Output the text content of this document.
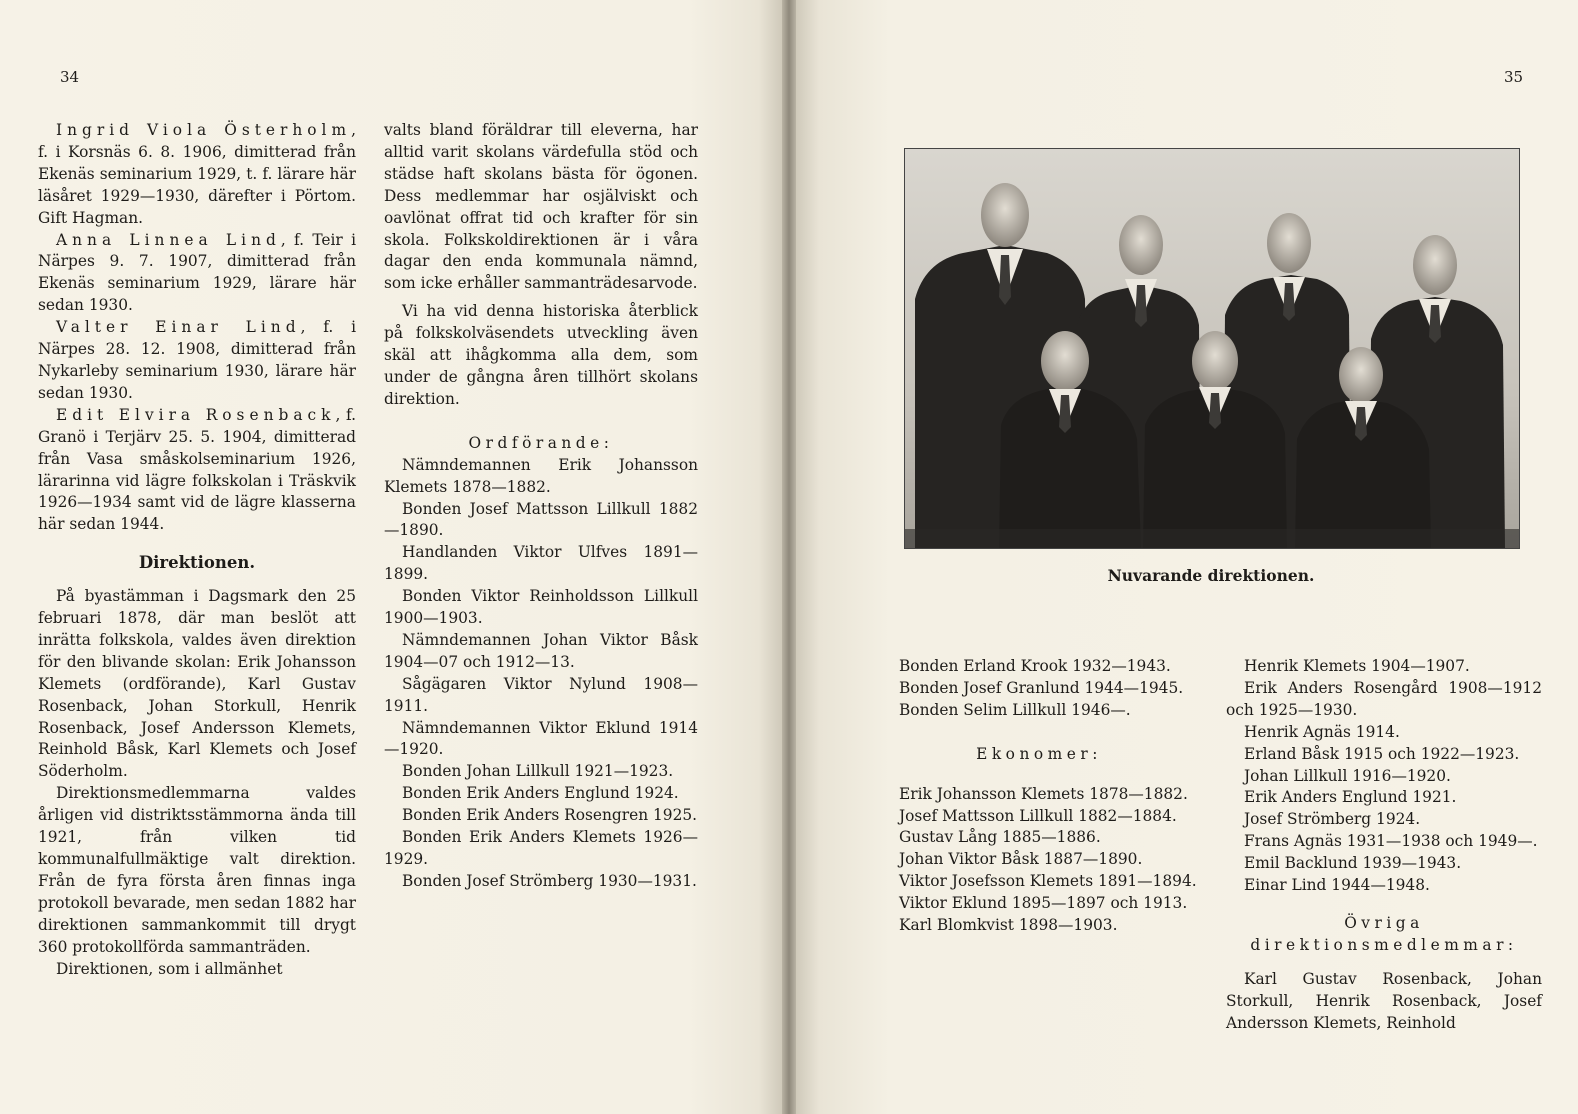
34

Ingrid Viola Österholm, f. i Korsnäs 6. 8. 1906, dimitterad från Ekenäs seminarium 1929, t. f. lärare här läsåret 1929—1930, därefter i Pörtom. Gift Hagman.

Anna Linnea Lind, f. Teir i Närpes 9. 7. 1907, dimitterad från Ekenäs seminarium 1929, lärare här sedan 1930.

Valter Einar Lind, f. i Närpes 28. 12. 1908, dimitterad från Nykarleby seminarium 1930, lärare här sedan 1930.

Edit Elvira Rosenback, f. Granö i Terjärv 25. 5. 1904, dimitterad från Vasa småskolseminarium 1926, lärarinna vid lägre folkskolan i Träskvik 1926—1934 samt vid de lägre klasserna här sedan 1944.

Direktionen.

På byastämman i Dagsmark den 25 februari 1878, där man beslöt att inrätta folkskola, valdes även direktion för den blivande skolan: Erik Johansson Klemets (ordförande), Karl Gustav Rosenback, Johan Storkull, Henrik Rosenback, Josef Andersson Klemets, Reinhold Båsk, Karl Klemets och Josef Söderholm.

Direktionsmedlemmarna valdes årligen vid distriktsstämmorna ända till 1921, från vilken tid kommunalfullmäktige valt direktion. Från de fyra första åren finnas inga protokoll bevarade, men sedan 1882 har direktionen sammankommit till drygt 360 protokollförda sammanträden.

Direktionen, som i allmänhet

valts bland föräldrar till eleverna, har alltid varit skolans värdefulla stöd och städse haft skolans bästa för ögonen. Dess medlemmar har osjälviskt och oavlönat offrat tid och krafter för sin skola. Folkskoldirektionen är i våra dagar den enda kommunala nämnd, som icke erhåller sammanträdesarvode.

Vi ha vid denna historiska återblick på folkskolväsendets utveckling även skäl att ihågkomma alla dem, som under de gångna åren tillhört skolans direktion.

Ordförande:

Nämndemannen Erik Johansson Klemets 1878—1882.

Bonden Josef Mattsson Lillkull 1882—1890.

Handlanden Viktor Ulfves 1891—1899.

Bonden Viktor Reinholdsson Lillkull 1900—1903.

Nämndemannen Johan Viktor Båsk 1904—07 och 1912—13.

Sågägaren Viktor Nylund 1908—1911.

Nämndemannen Viktor Eklund 1914—1920.

Bonden Johan Lillkull 1921—1923.

Bonden Erik Anders Englund 1924.

Bonden Erik Anders Rosengren 1925.

Bonden Erik Anders Klemets 1926—1929.

Bonden Josef Strömberg 1930—1931.

35
Nuvarande direktionen.

Bonden Erland Krook 1932—1943.

Bonden Josef Granlund 1944—1945.

Bonden Selim Lillkull 1946—.

Ekonomer:

Erik Johansson Klemets 1878—1882.

Josef Mattsson Lillkull 1882—1884.

Gustav Lång 1885—1886.

Johan Viktor Båsk 1887—1890.

Viktor Josefsson Klemets 1891—1894.

Viktor Eklund 1895—1897 och 1913.

Karl Blomkvist 1898—1903.

Henrik Klemets 1904—1907.

Erik Anders Rosengård 1908—1912 och 1925—1930.

Henrik Agnäs 1914.

Erland Båsk 1915 och 1922—1923.

Johan Lillkull 1916—1920.

Erik Anders Englund 1921.

Josef Strömberg 1924.

Frans Agnäs 1931—1938 och 1949—.

Emil Backlund 1939—1943.

Einar Lind 1944—1948.

Övriga direktionsmedlemmar:

Karl Gustav Rosenback, Johan Storkull, Henrik Rosenback, Josef Andersson Klemets, Reinhold
